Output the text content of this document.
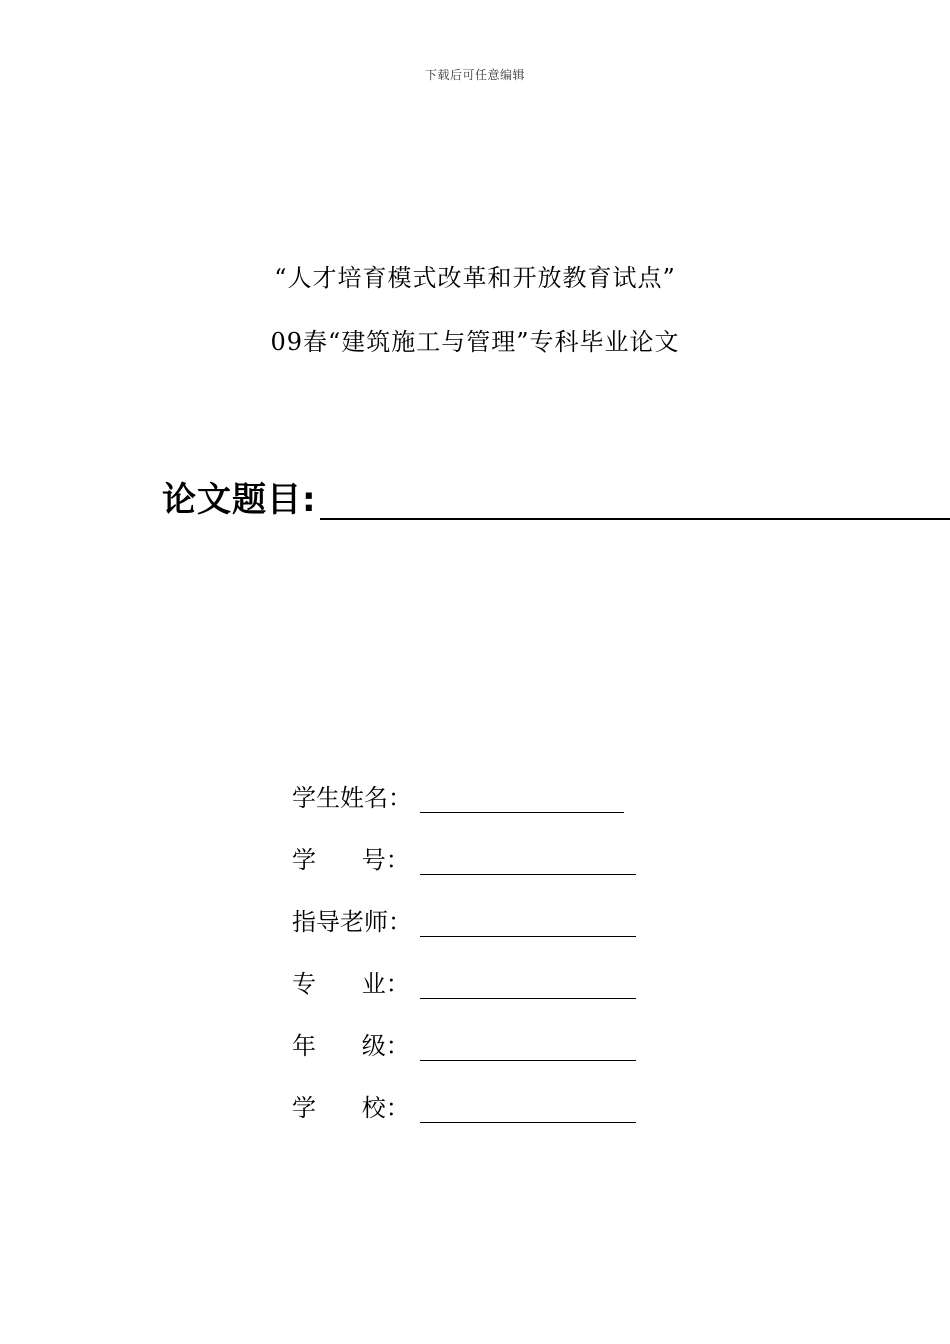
下载后可任意编辑
“人才培育模式改革和开放教育试点”
09春“建筑施工与管理”专科毕业论文
论文题目:
学生姓名：
学      号：
指导老师：
专      业：
年      级：
学      校：
